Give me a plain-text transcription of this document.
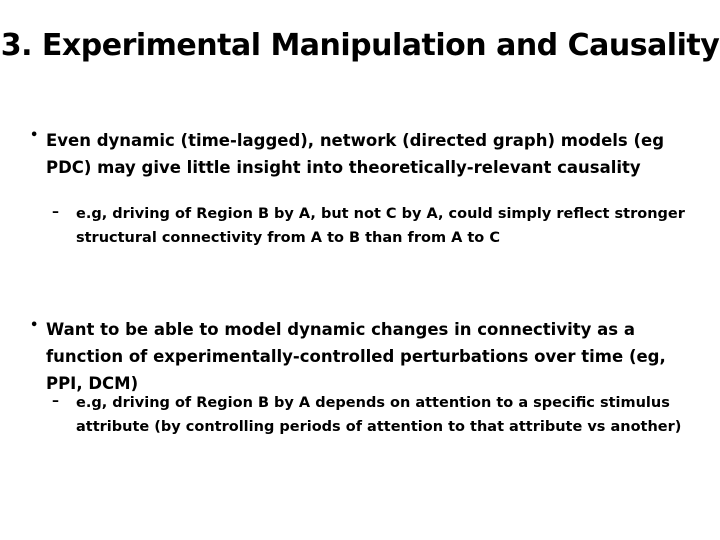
3. Experimental Manipulation and Causality
• Even dynamic (time-lagged), network (directed graph) models (eg PDC) may give little insight into theoretically-relevant causality
– e.g, driving of Region B by A, but not C by A, could simply reflect stronger structural connectivity from A to B than from A to C
• Want to be able to model dynamic changes in connectivity as a function of experimentally-controlled perturbations over time (eg, PPI, DCM)
– e.g, driving of Region B by A depends on attention to a specific stimulus attribute (by controlling periods of attention to that attribute vs another)
